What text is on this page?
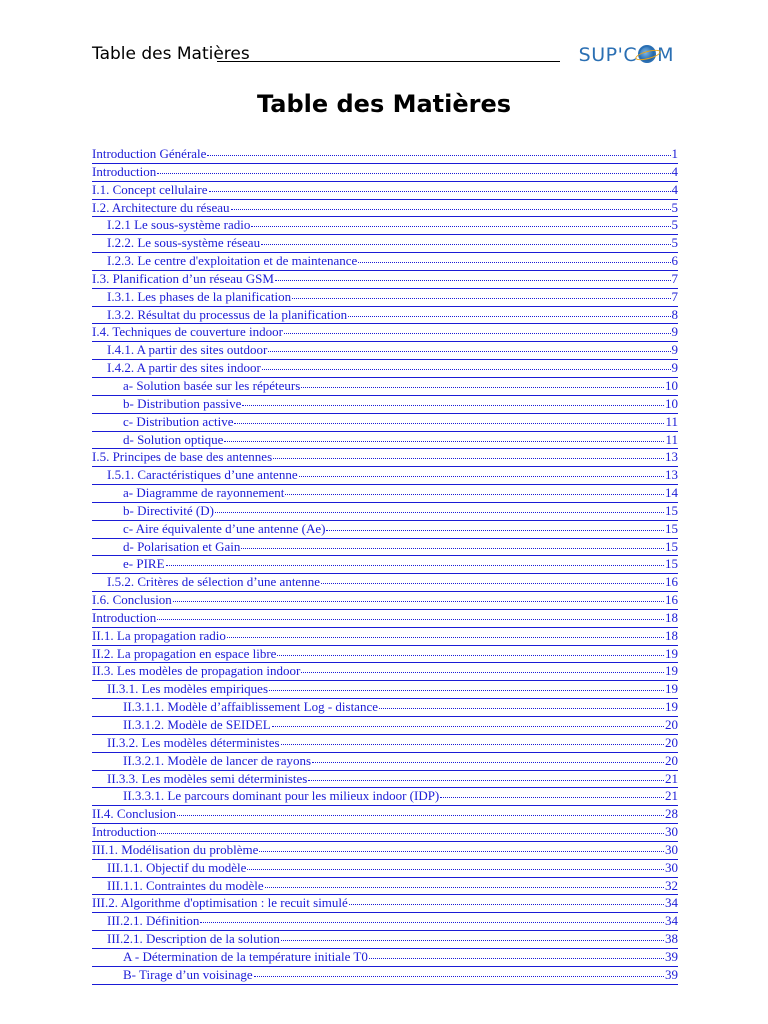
Table des Matières	SUP'C M
Table des Matières
Introduction Générale	1
Introduction	4
I.1. Concept cellulaire	4
I.2. Architecture du réseau	5
I.2.1 Le sous-système radio	5
I.2.2. Le sous-système réseau	5
I.2.3. Le centre d'exploitation et de maintenance	6
I.3. Planification d’un réseau GSM	7
I.3.1. Les phases de la planification	7
I.3.2. Résultat du processus de la planification	8
I.4. Techniques de couverture indoor	9
I.4.1. A partir des sites outdoor	9
I.4.2. A partir des sites indoor	9
a- Solution basée sur les répéteurs	10
b- Distribution passive	10
c- Distribution active	11
d- Solution optique	11
I.5. Principes de base des antennes	13
I.5.1. Caractéristiques d’une antenne	13
a- Diagramme de rayonnement	14
b- Directivité (D)	15
c- Aire équivalente d’une antenne (Ae)	15
d- Polarisation et Gain	15
e- PIRE	15
I.5.2. Critères de sélection d’une antenne	16
I.6. Conclusion	16
Introduction	18
II.1. La propagation radio	18
II.2. La propagation en espace libre	19
II.3. Les modèles de propagation indoor	19
II.3.1. Les modèles empiriques	19
II.3.1.1. Modèle d’affaiblissement Log - distance	19
II.3.1.2. Modèle de SEIDEL	20
II.3.2. Les modèles déterministes	20
II.3.2.1. Modèle de lancer de rayons	20
II.3.3. Les modèles semi déterministes	21
II.3.3.1. Le parcours dominant pour les milieux indoor (IDP)	21
II.4. Conclusion	28
Introduction	30
III.1. Modélisation du problème	30
III.1.1. Objectif du modèle	30
III.1.1. Contraintes du modèle	32
III.2. Algorithme d'optimisation : le recuit simulé	34
III.2.1. Définition	34
III.2.1. Description de la solution	38
A - Détermination de la température initiale T0	39
B- Tirage d’un voisinage	39
